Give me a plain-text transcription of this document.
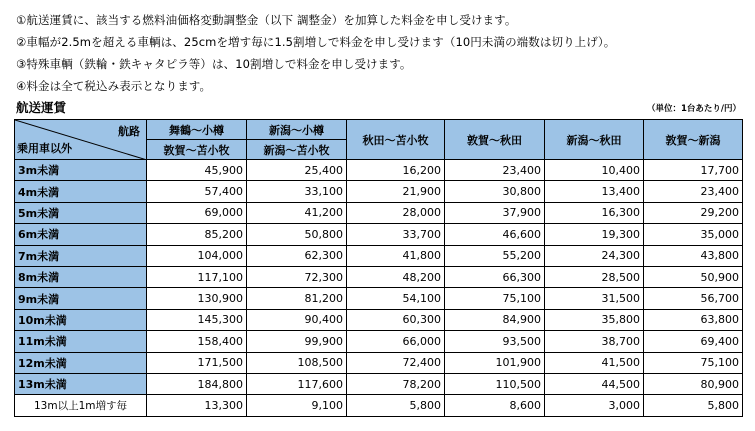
①航送運賃に、該当する燃料油価格変動調整金（以下 調整金）を加算した料金を申し受けます。
②車幅が2.5mを超える車輌は、25cmを増す毎に1.5割増しで料金を申し受けます（10円未満の端数は切り上げ）。
③特殊車輌（鉄輪・鉄キャタピラ等）は、10割増しで料金を申し受けます。
④料金は全て税込み表示となります。
航送運賃	（単位：1台あたり/円）
航路
乗用車以外	舞鶴～小樽	新潟～小樽	秋田～苫小牧	敦賀～秋田	新潟～秋田	敦賀～新潟
	敦賀～苫小牧	新潟～苫小牧				
3m未満	45,900	25,400	16,200	23,400	10,400	17,700
4m未満	57,400	33,100	21,900	30,800	13,400	23,400
5m未満	69,000	41,200	28,000	37,900	16,300	29,200
6m未満	85,200	50,800	33,700	46,600	19,300	35,000
7m未満	104,000	62,300	41,800	55,200	24,300	43,800
8m未満	117,100	72,300	48,200	66,300	28,500	50,900
9m未満	130,900	81,200	54,100	75,100	31,500	56,700
10m未満	145,300	90,400	60,300	84,900	35,800	63,800
11m未満	158,400	99,900	66,000	93,500	38,700	69,400
12m未満	171,500	108,500	72,400	101,900	41,500	75,100
13m未満	184,800	117,600	78,200	110,500	44,500	80,900
13m以上1m増す毎	13,300	9,100	5,800	8,600	3,000	5,800
